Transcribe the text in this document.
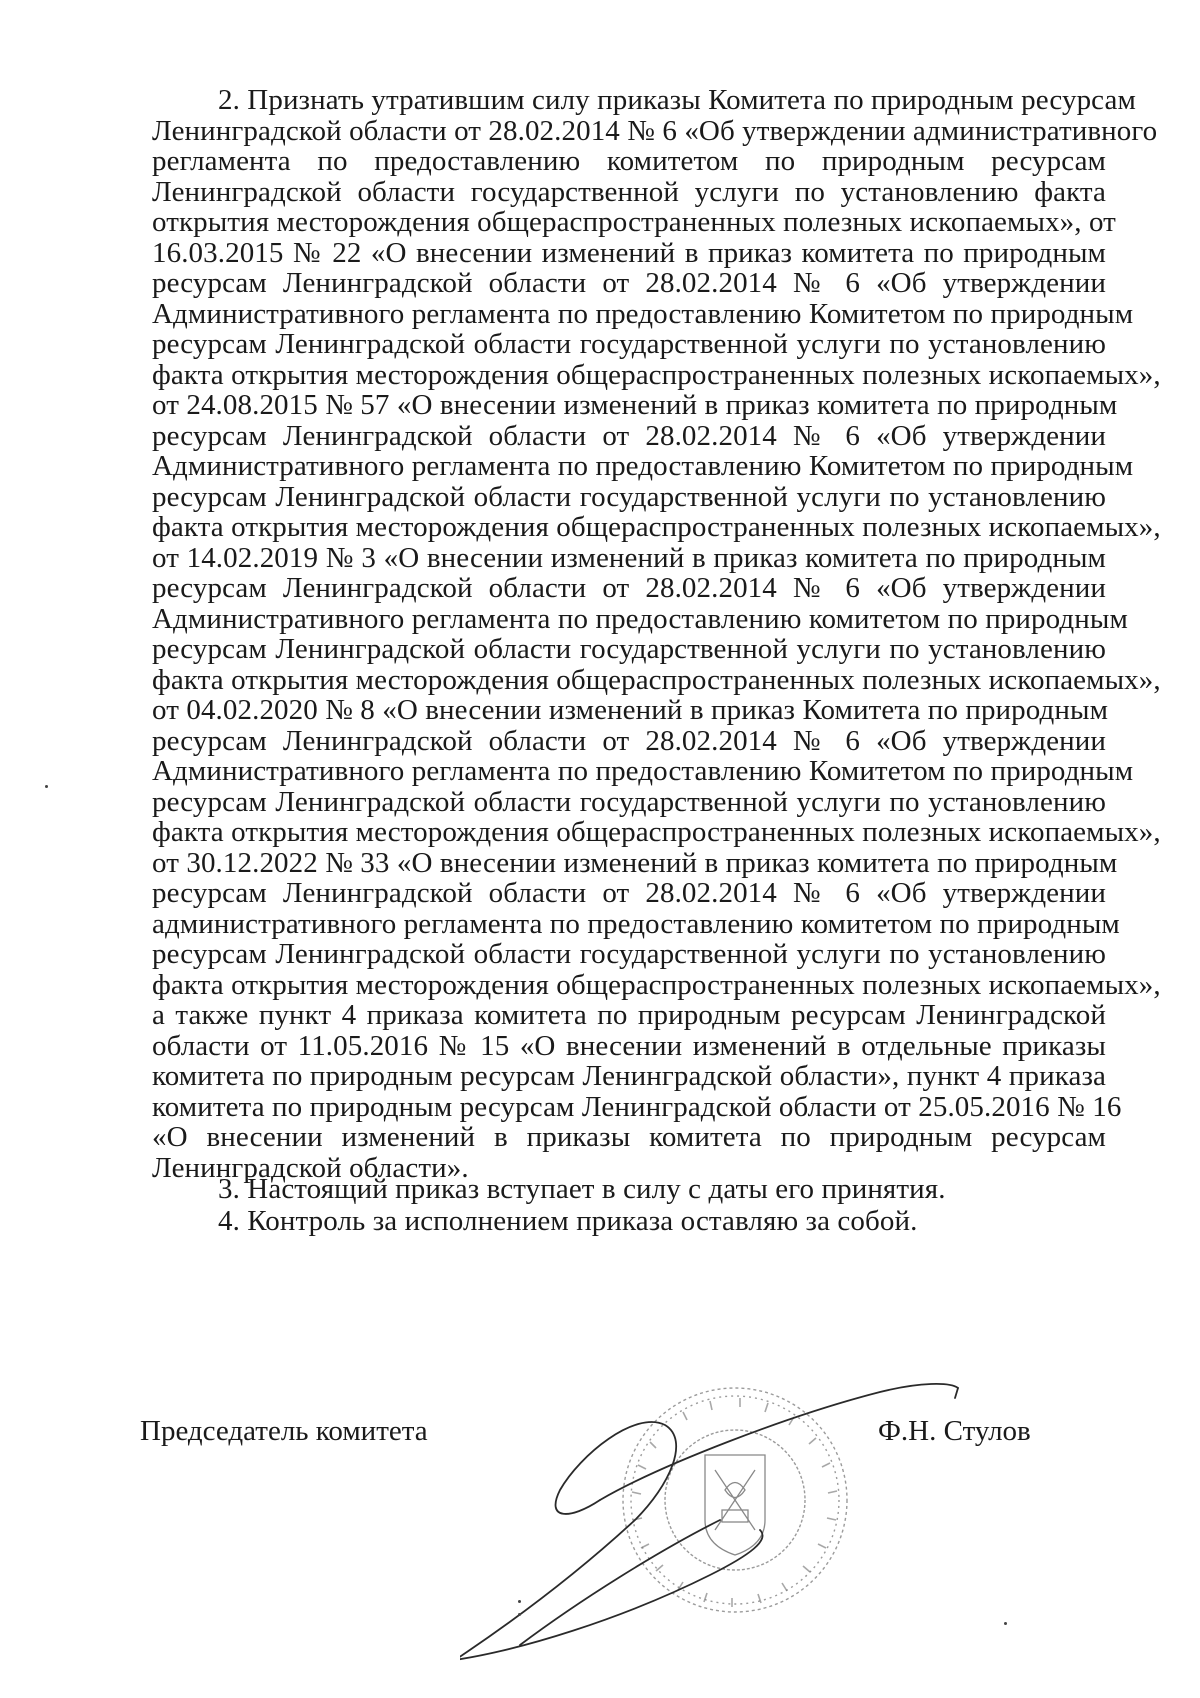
2. Признать утратившим силу приказы Комитета по природным ресурсам
Ленинградской области от 28.02.2014 № 6 «Об утверждении административного
регламента по предоставлению комитетом по природным ресурсам
Ленинградской области государственной услуги по установлению факта
открытия месторождения общераспространенных полезных ископаемых», от
16.03.2015 № 22 «О внесении изменений в приказ комитета по природным
ресурсам Ленинградской области от 28.02.2014 № 6 «Об утверждении
Административного регламента по предоставлению Комитетом по природным
ресурсам Ленинградской области государственной услуги по установлению
факта открытия месторождения общераспространенных полезных ископаемых»,
от 24.08.2015 № 57 «О внесении изменений в приказ комитета по природным
ресурсам Ленинградской области от 28.02.2014 № 6 «Об утверждении
Административного регламента по предоставлению Комитетом по природным
ресурсам Ленинградской области государственной услуги по установлению
факта открытия месторождения общераспространенных полезных ископаемых»,
от 14.02.2019 № 3 «О внесении изменений в приказ комитета по природным
ресурсам Ленинградской области от 28.02.2014 № 6 «Об утверждении
Административного регламента по предоставлению комитетом по природным
ресурсам Ленинградской области государственной услуги по установлению
факта открытия месторождения общераспространенных полезных ископаемых»,
от 04.02.2020 № 8 «О внесении изменений в приказ Комитета по природным
ресурсам Ленинградской области от 28.02.2014 № 6 «Об утверждении
Административного регламента по предоставлению Комитетом по природным
ресурсам Ленинградской области государственной услуги по установлению
факта открытия месторождения общераспространенных полезных ископаемых»,
от 30.12.2022 № 33 «О внесении изменений в приказ комитета по природным
ресурсам Ленинградской области от 28.02.2014 № 6 «Об утверждении
административного регламента по предоставлению комитетом по природным
ресурсам Ленинградской области государственной услуги по установлению
факта открытия месторождения общераспространенных полезных ископаемых»,
а также пункт 4 приказа комитета по природным ресурсам Ленинградской
области от 11.05.2016 № 15 «О внесении изменений в отдельные приказы
комитета по природным ресурсам Ленинградской области», пункт 4 приказа
комитета по природным ресурсам Ленинградской области от 25.05.2016 № 16
«О внесении изменений в приказы комитета по природным ресурсам
Ленинградской области».
3. Настоящий приказ вступает в силу с даты его принятия.
4. Контроль за исполнением приказа оставляю за собой.
Председатель комитета	Ф.Н. Стулов
